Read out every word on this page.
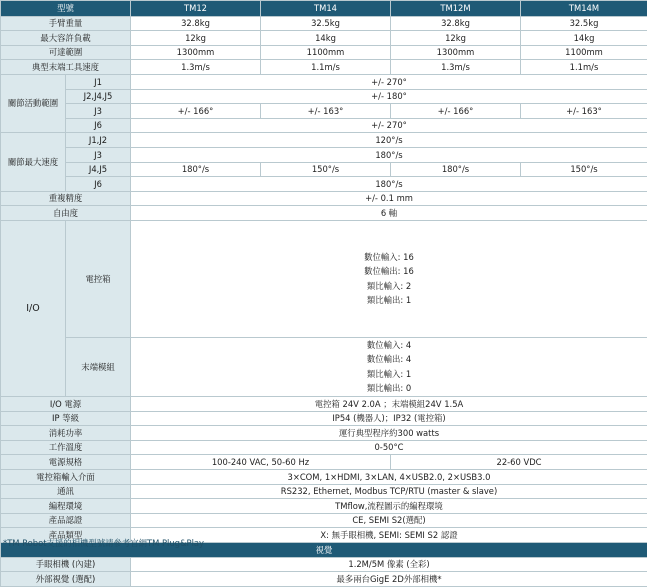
型號		TM12	TM14	TM12M	TM14M
手臂重量		32.8kg	32.5kg	32.8kg	32.5kg
最大容許負載		12kg	14kg	12kg	14kg
可達範圍		1300mm	1100mm	1300mm	1100mm
典型末端工具速度		1.3m/s	1.1m/s	1.3m/s	1.1m/s
關節活動範圍	J1	+/- 270°			
	J2,J4,J5	+/- 180°			
	J3	+/- 166°	+/- 163°	+/- 166°	+/- 163°
	J6	+/- 270°			
關節最大速度	J1,J2	120°/s			
	J3	180°/s			
	J4,J5	180°/s	150°/s	180°/s	150°/s
	J6	180°/s			
重複精度		+/- 0.1 mm			
自由度		6 軸			
I/O	電控箱	數位輸入: 16
數位輸出: 16
類比輸入: 2
類比輸出: 1			

	末端模組	數位輸入: 4
數位輸出: 4
類比輸入: 1
類比輸出: 0			

I/O 電源		電控箱 24V 2.0A ；末端模組24V 1.5A			
IP 等級		IP54 (機器人)；IP32 (電控箱)			
消耗功率		運行典型程序約300 watts			
工作溫度		0-50°C			
電源規格		100-240 VAC, 50-60 Hz		22-60 VDC	
電控箱輸入介面		3×COM, 1×HDMI, 3×LAN, 4×USB2.0, 2×USB3.0			
通訊		RS232, Ethernet, Modbus TCP/RTU (master & slave)			
編程環境		TMflow,流程圖示的編程環境			
產品認證		CE, SEMI S2(選配)			
產品類型		X: 無手眼相機, SEMI: SEMI S2 認證			
視覺					
手眼相機 (內建)		1.2M/5M 像素 (全彩)			
外部視覺 (選配)		最多兩台GigE 2D外部相機*			
*TM Robot支援的相機型號請參考官網TM Plug&Play
